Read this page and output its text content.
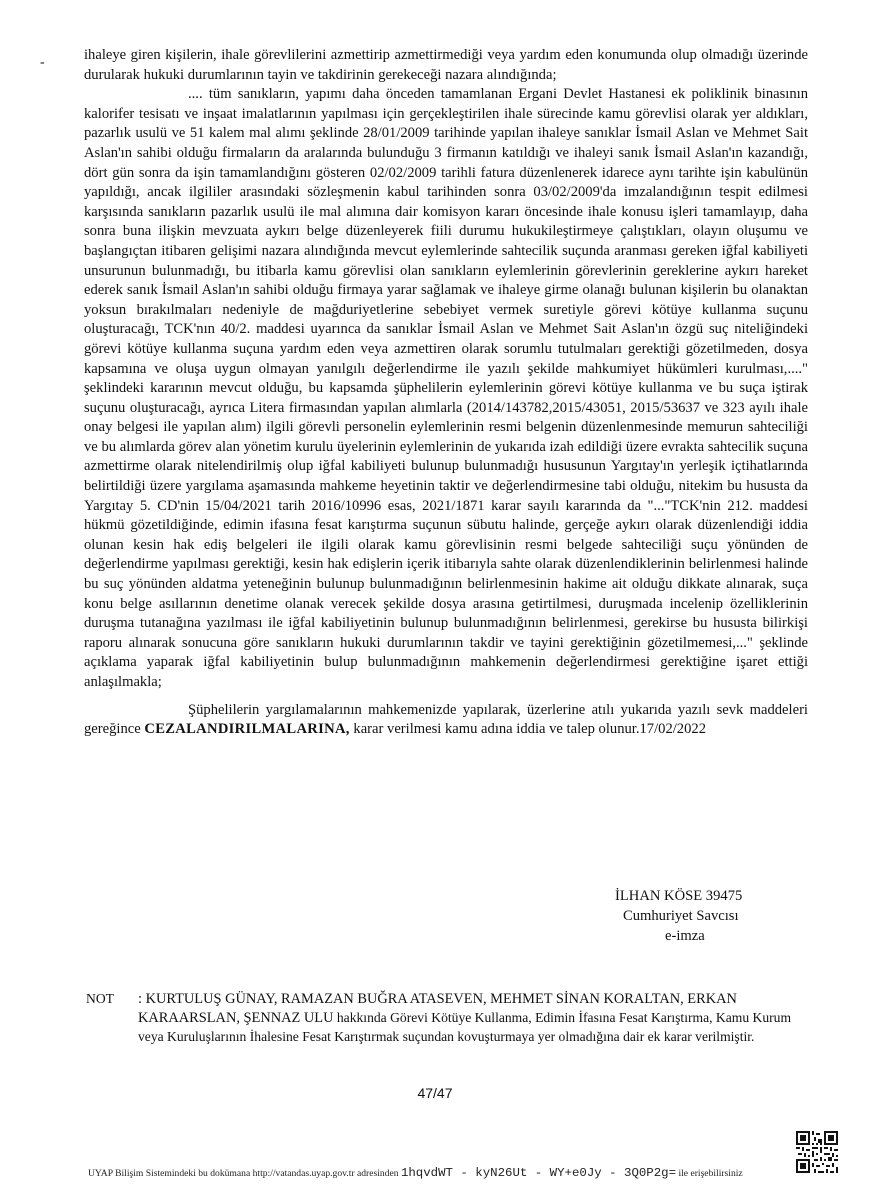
-	ihaleye giren kişilerin, ihale görevlilerini azmettirip azmettirmediği veya yardım eden konumunda olup olmadığı üzerinde durularak hukuki durumlarının tayin ve takdirinin gerekeceği nazara alındığında;

.... tüm sanıkların, yapımı daha önceden tamamlanan Ergani Devlet Hastanesi ek poliklinik binasının kalorifer tesisatı ve inşaat imalatlarının yapılması için gerçekleştirilen ihale sürecinde kamu görevlisi olarak yer aldıkları, pazarlık usulü ve 51 kalem mal alımı şeklinde 28/01/2009 tarihinde yapılan ihaleye sanıklar İsmail Aslan ve Mehmet Sait Aslan'ın sahibi olduğu firmaların da aralarında bulunduğu 3 firmanın katıldığı ve ihaleyi sanık İsmail Aslan'ın kazandığı, dört gün sonra da işin tamamlandığını gösteren 02/02/2009 tarihli fatura düzenlenerek idarece aynı tarihte işin kabulünün yapıldığı, ancak ilgililer arasındaki sözleşmenin kabul tarihinden sonra 03/02/2009'da imzalandığının tespit edilmesi karşısında sanıkların pazarlık usulü ile mal alımına dair komisyon kararı öncesinde ihale konusu işleri tamamlayıp, daha sonra buna ilişkin mevzuata aykırı belge düzenleyerek fiili durumu hukukileştirmeye çalıştıkları, olayın oluşumu ve başlangıçtan itibaren gelişimi nazara alındığında mevcut eylemlerinde sahtecilik suçunda aranması gereken iğfal kabiliyeti unsurunun bulunmadığı, bu itibarla kamu görevlisi olan sanıkların eylemlerinin görevlerinin gereklerine aykırı hareket ederek sanık İsmail Aslan'ın sahibi olduğu firmaya yarar sağlamak ve ihaleye girme olanağı bulunan kişilerin bu olanaktan yoksun bırakılmaları nedeniyle de mağduriyetlerine sebebiyet vermek suretiyle görevi kötüye kullanma suçunu oluşturacağı, TCK'nın 40/2. maddesi uyarınca da sanıklar İsmail Aslan ve Mehmet Sait Aslan'ın özgü suç niteliğindeki görevi kötüye kullanma suçuna yardım eden veya azmettiren olarak sorumlu tutulmaları gerektiği gözetilmeden, dosya kapsamına ve oluşa uygun olmayan yanılgılı değerlendirme ile yazılı şekilde mahkumiyet hükümleri kurulması,...." şeklindeki kararının mevcut olduğu, bu kapsamda şüphelilerin eylemlerinin görevi kötüye kullanma ve bu suça iştirak suçunu oluşturacağı, ayrıca Litera firmasından yapılan alımlarla (2014/143782,2015/43051, 2015/53637 ve 323 ayılı ihale onay belgesi ile yapılan alım) ilgili görevli personelin eylemlerinin resmi belgenin düzenlenmesinde memurun sahteciliği ve bu alımlarda görev alan yönetim kurulu üyelerinin eylemlerinin de yukarıda izah edildiği üzere evrakta sahtecilik suçuna azmettirme olarak nitelendirilmiş olup iğfal kabiliyeti bulunup bulunmadığı hususunun Yargıtay'ın yerleşik içtihatlarında belirtildiği üzere yargılama aşamasında mahkeme heyetinin taktir ve değerlendirmesine tabi olduğu, nitekim bu hususta da Yargıtay 5. CD'nin 15/04/2021 tarih 2016/10996 esas, 2021/1871 karar sayılı kararında da "..."TCK'nin 212. maddesi hükmü gözetildiğinde, edimin ifasına fesat karıştırma suçunun sübutu halinde, gerçeğe aykırı olarak düzenlendiği iddia olunan kesin hak ediş belgeleri ile ilgili olarak kamu görevlisinin resmi belgede sahteciliği suçu yönünden de değerlendirme yapılması gerektiği, kesin hak edişlerin içerik itibarıyla sahte olarak düzenlendiklerinin belirlenmesi halinde bu suç yönünden aldatma yeteneğinin bulunup bulunmadığının belirlenmesinin hakime ait olduğu dikkate alınarak, suça konu belge asıllarının denetime olanak verecek şekilde dosya arasına getirtilmesi, duruşmada incelenip özelliklerinin duruşma tutanağına yazılması ile iğfal kabiliyetinin bulunup bulunmadığının belirlenmesi, gerekirse bu hususta bilirkişi raporu alınarak sonucuna göre sanıkların hukuki durumlarının takdir ve tayini gerektiğinin gözetilmemesi,..." şeklinde açıklama yaparak iğfal kabiliyetinin bulup bulunmadığının mahkemenin değerlendirmesi gerektiğine işaret ettiği anlaşılmakla;

Şüphelilerin yargılamalarının mahkemenizde yapılarak, üzerlerine atılı yukarıda yazılı sevk maddeleri gereğince CEZALANDIRILMALARINA, karar verilmesi kamu adına iddia ve talep olunur.17/02/2022

İLHAN KÖSE 39475
Cumhuriyet Savcısı
e-imza
NOT	: KURTULUŞ GÜNAY, RAMAZAN BUĞRA ATASEVEN, MEHMET SİNAN KORALTAN, ERKAN KARAARSLAN, ŞENNAZ ULU hakkında Görevi Kötüye Kullanma, Edimin İfasına Fesat Karıştırma, Kamu Kurum veya Kuruluşlarının İhalesine Fesat Karıştırmak suçundan kovuşturmaya yer olmadığına dair ek karar verilmiştir.
47/47
UYAP Bilişim Sistemindeki bu dokümana http://vatandas.uyap.gov.tr adresinden 1hqvdWT - kyN26Ut - WY+e0Jy - 3Q0P2g= ile erişebilirsiniz
